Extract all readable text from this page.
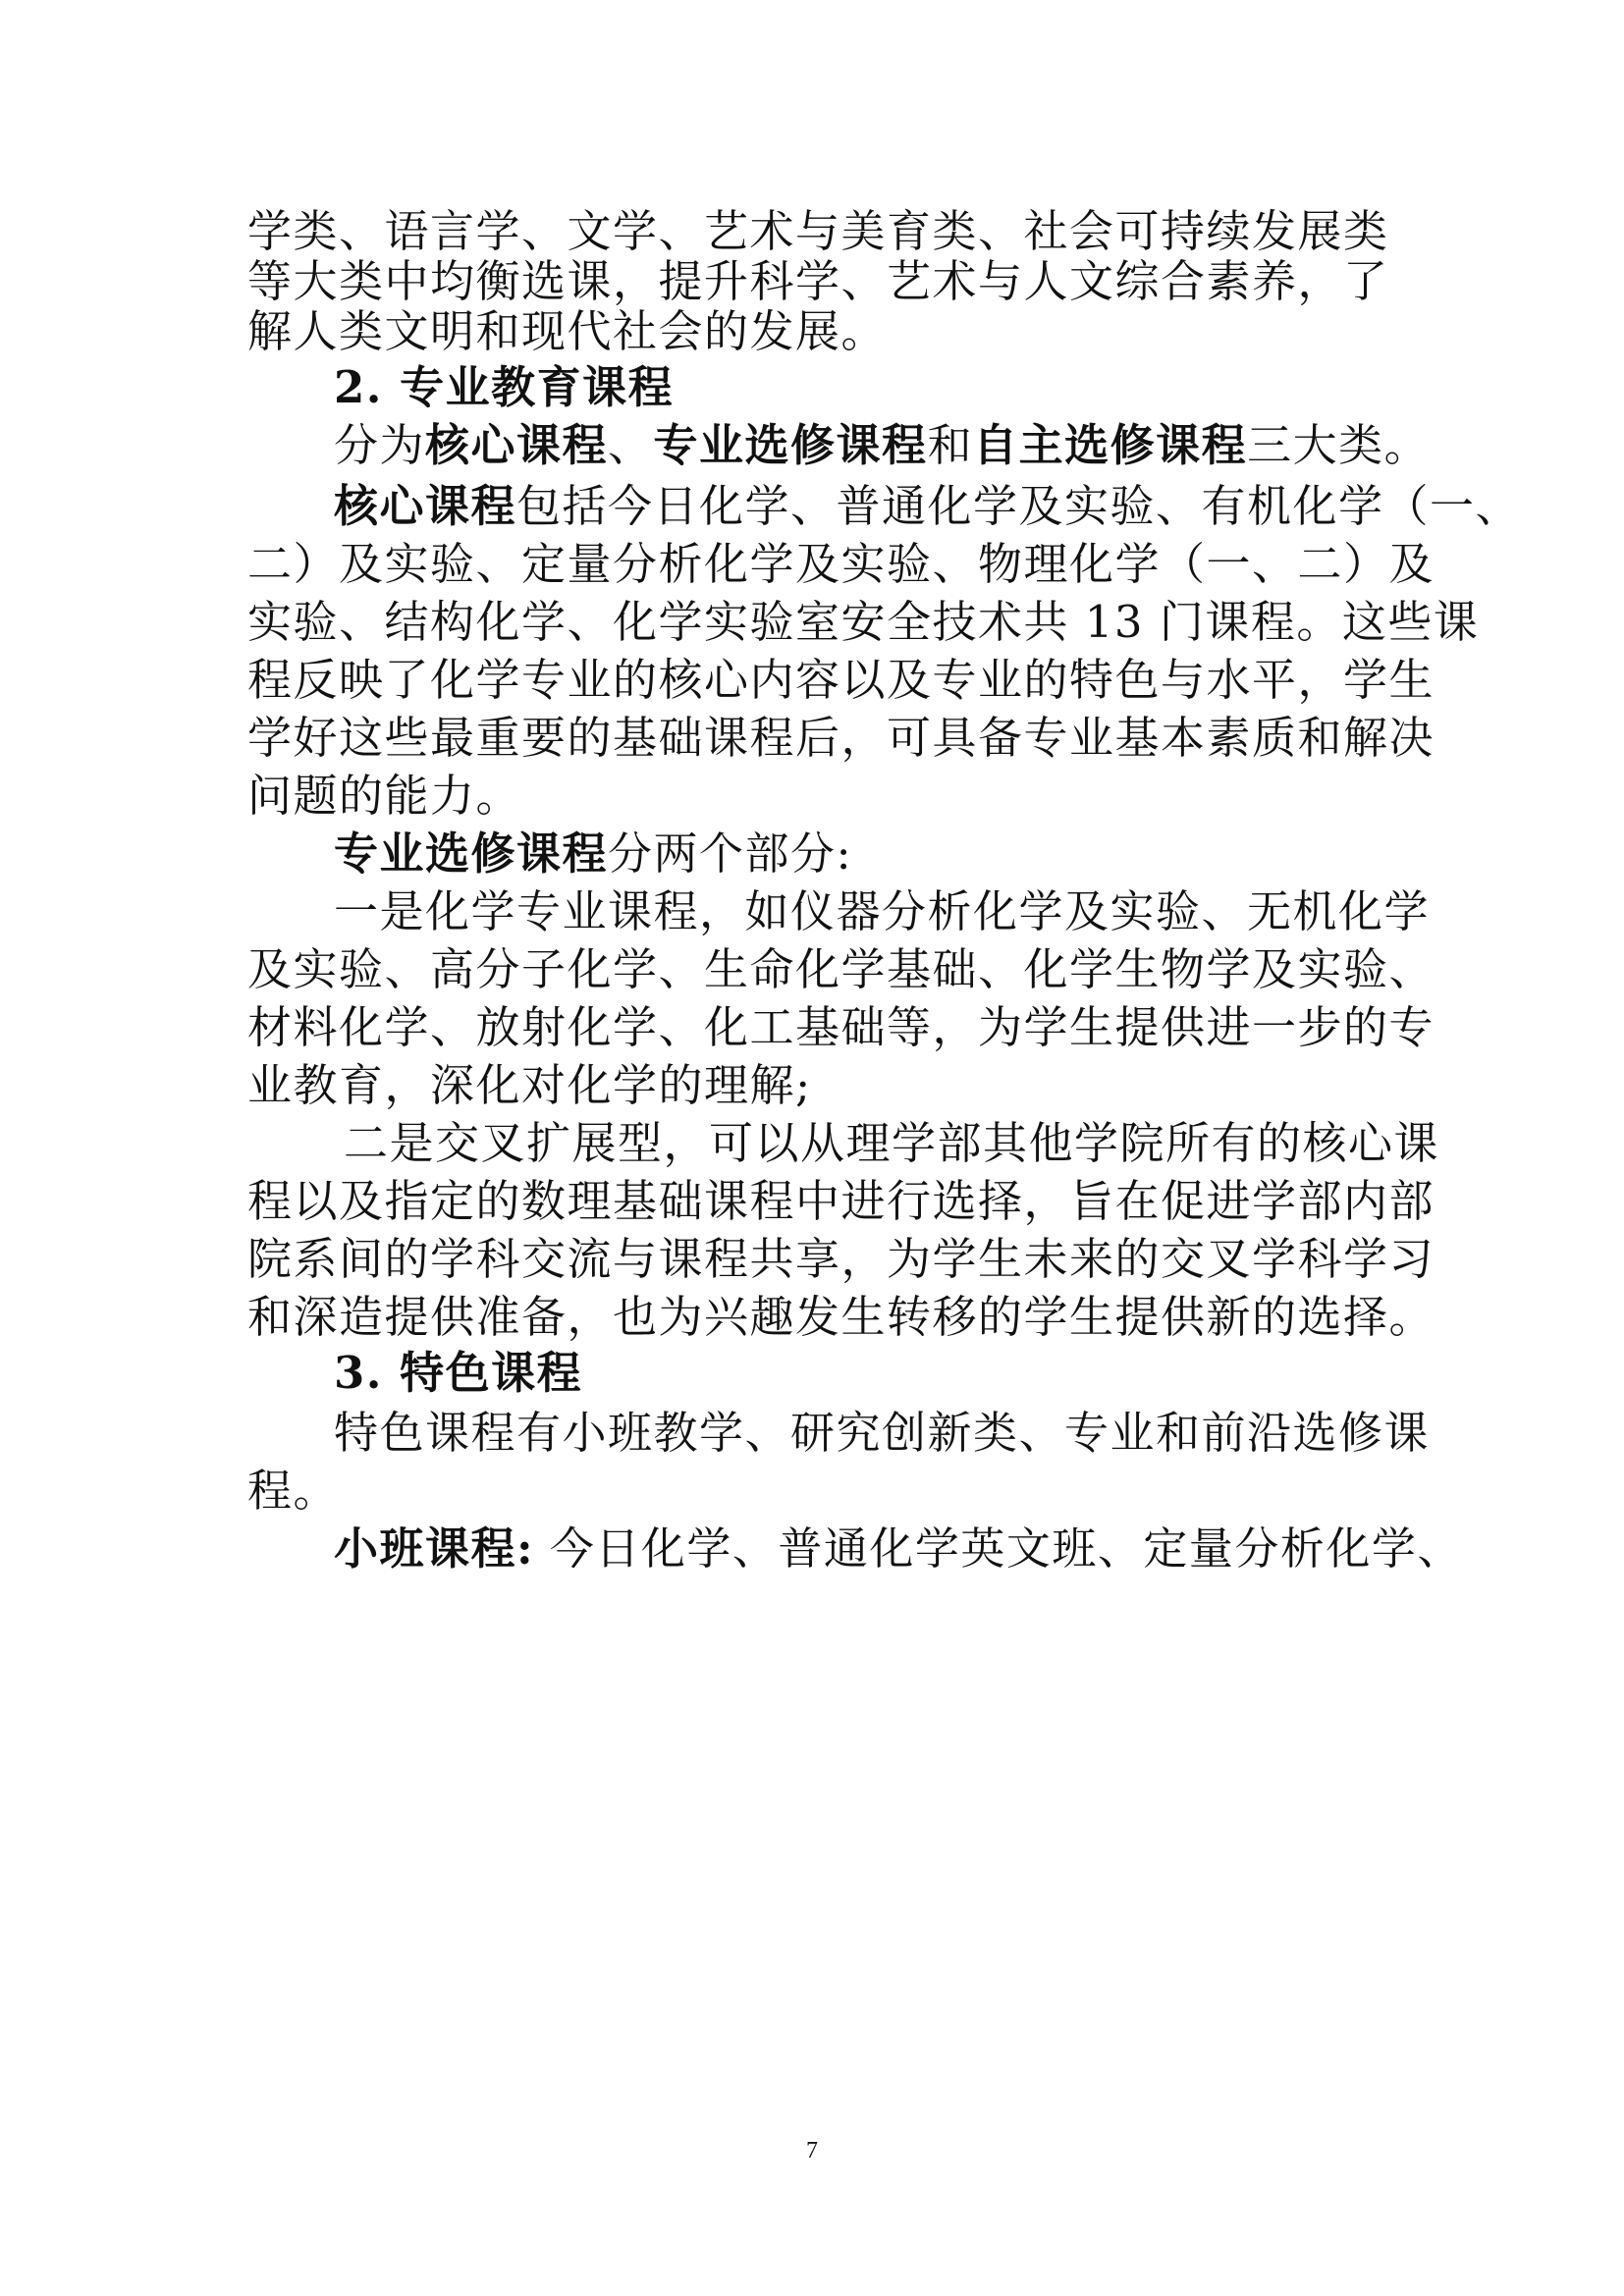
学类、语言学、文学、艺术与美育类、社会可持续发展类
等大类中均衡选课，提升科学、艺术与人文综合素养，了
解人类文明和现代社会的发展。
2. 专业教育课程
分为核心课程、专业选修课程和自主选修课程三大类。
核心课程包括今日化学、普通化学及实验、有机化学（一、
二）及实验、定量分析化学及实验、物理化学（一、二）及
实验、结构化学、化学实验室安全技术共 13 门课程。这些课
程反映了化学专业的核心内容以及专业的特色与水平，学生
学好这些最重要的基础课程后，可具备专业基本素质和解决
问题的能力。
专业选修课程分两个部分:
一是化学专业课程，如仪器分析化学及实验、无机化学
及实验、高分子化学、生命化学基础、化学生物学及实验、
材料化学、放射化学、化工基础等，为学生提供进一步的专
业教育，深化对化学的理解;
二是交叉扩展型，可以从理学部其他学院所有的核心课
程以及指定的数理基础课程中进行选择，旨在促进学部内部
院系间的学科交流与课程共享，为学生未来的交叉学科学习
和深造提供准备，也为兴趣发生转移的学生提供新的选择。
3. 特色课程
特色课程有小班教学、研究创新类、专业和前沿选修课
程。
小班课程: 今日化学、普通化学英文班、定量分析化学、
7
